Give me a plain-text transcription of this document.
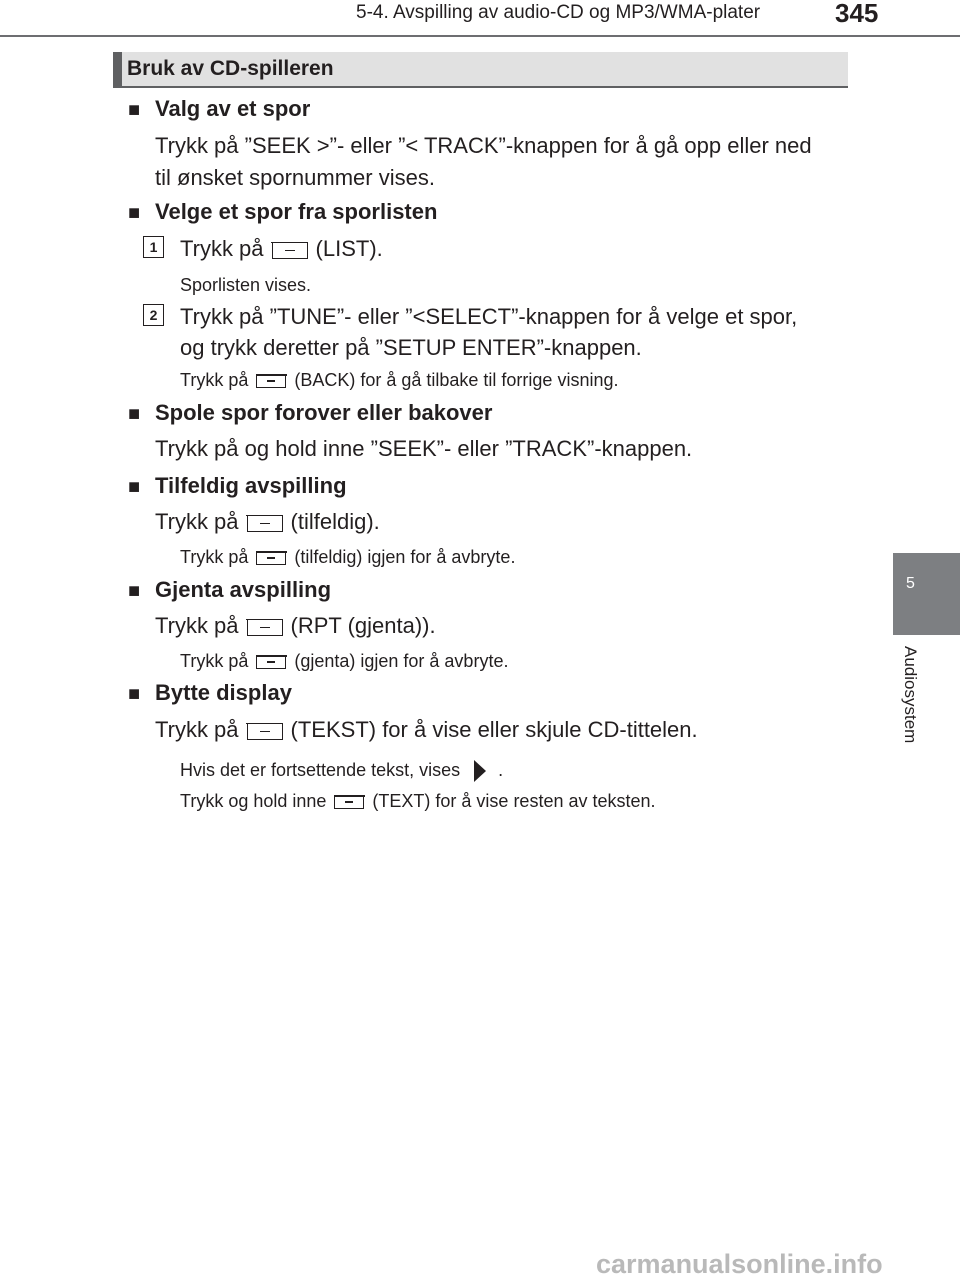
5-4. Avspilling av audio-CD og MP3/WMA-plater	345
5
Audiosystem
Bruk av CD-spilleren
■ Valg av et spor
Trykk på ”SEEK >”- eller ”< TRACK”-knappen for å gå opp eller ned
til ønsket spornummer vises.
■ Velge et spor fra sporlisten
1	Trykk på (LIST).
Sporlisten vises.
2	Trykk på ”TUNE”- eller ”<SELECT”-knappen for å velge et spor,
og trykk deretter på ”SETUP ENTER”-knappen.
Trykk på	(BACK) for å gå tilbake til forrige visning.
■ Spole spor forover eller bakover
Trykk på og hold inne ”SEEK”- eller ”TRACK”-knappen.
■ Tilfeldig avspilling
Trykk på (tilfeldig).
Trykk på	(tilfeldig) igjen for å avbryte.
■ Gjenta avspilling
Trykk på (RPT (gjenta)).
Trykk på	(gjenta) igjen for å avbryte.
■ Bytte display
Trykk på (TEKST) for å vise eller skjule CD-tittelen.
Hvis det er fortsettende tekst, vises .
Trykk og hold inne	(TEXT) for å vise resten av teksten.
carmanualsonline.info
